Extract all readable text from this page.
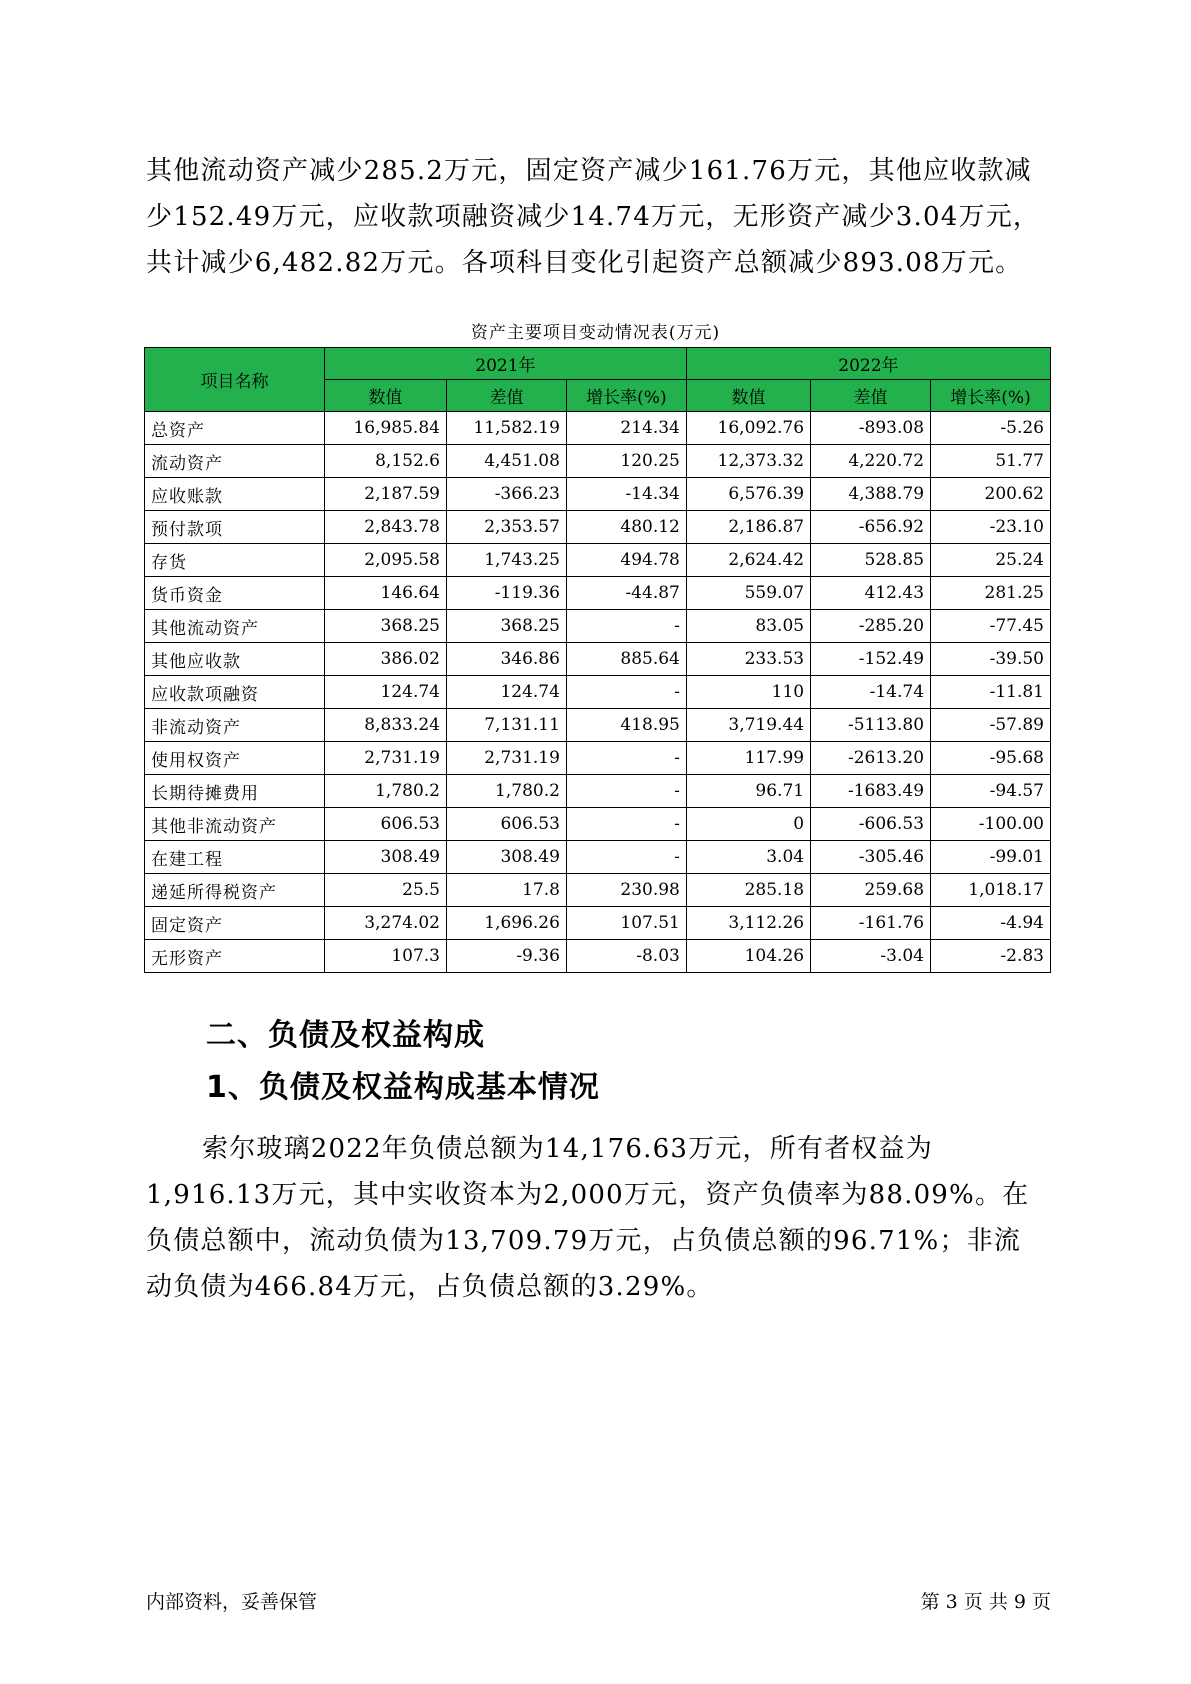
其他流动资产减少285.2万元，固定资产减少161.76万元，其他应收款减少152.49万元，应收款项融资减少14.74万元，无形资产减少3.04万元，共计减少6,482.82万元。各项科目变化引起资产总额减少893.08万元。

资产主要项目变动情况表(万元)
项目名称	2021年			2022年		
	数值	差值	增长率(%)	数值	差值	增长率(%)
总资产	16,985.84	11,582.19	214.34	16,092.76	-893.08	-5.26
流动资产	8,152.6	4,451.08	120.25	12,373.32	4,220.72	51.77
应收账款	2,187.59	-366.23	-14.34	6,576.39	4,388.79	200.62
预付款项	2,843.78	2,353.57	480.12	2,186.87	-656.92	-23.10
存货	2,095.58	1,743.25	494.78	2,624.42	528.85	25.24
货币资金	146.64	-119.36	-44.87	559.07	412.43	281.25
其他流动资产	368.25	368.25	-	83.05	-285.20	-77.45
其他应收款	386.02	346.86	885.64	233.53	-152.49	-39.50
应收款项融资	124.74	124.74	-	110	-14.74	-11.81
非流动资产	8,833.24	7,131.11	418.95	3,719.44	-5113.80	-57.89
使用权资产	2,731.19	2,731.19	-	117.99	-2613.20	-95.68
长期待摊费用	1,780.2	1,780.2	-	96.71	-1683.49	-94.57
其他非流动资产	606.53	606.53	-	0	-606.53	-100.00
在建工程	308.49	308.49	-	3.04	-305.46	-99.01
递延所得税资产	25.5	17.8	230.98	285.18	259.68	1,018.17
固定资产	3,274.02	1,696.26	107.51	3,112.26	-161.76	-4.94
无形资产	107.3	-9.36	-8.03	104.26	-3.04	-2.83
二、负债及权益构成
1、负债及权益构成基本情况

索尔玻璃2022年负债总额为14,176.63万元，所有者权益为1,916.13万元，其中实收资本为2,000万元，资产负债率为88.09%。在负债总额中，流动负债为13,709.79万元，占负债总额的96.71%；非流动负债为466.84万元，占负债总额的3.29%。

内部资料，妥善保管	第 3 页 共 9 页
